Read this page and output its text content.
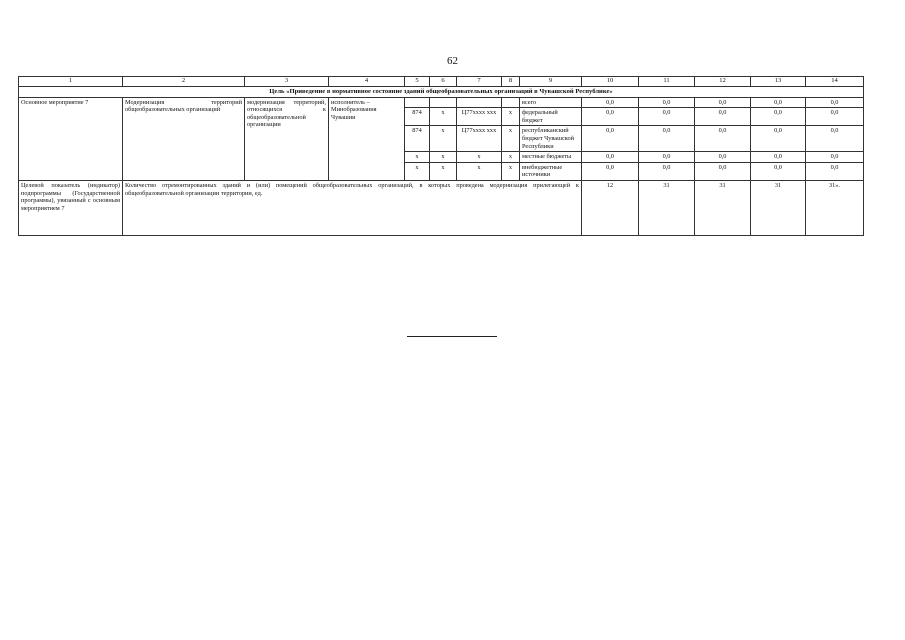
62
1	2	3	4	5	6	7	8	9	10	11	12	13	14
Цель «Приведение в нормативное состояние зданий общеобразовательных организаций в Чувашской Республике»													
Основное мероприятие 7	Модернизация территорий общеобразовательных организаций	модернизация территорий, относящихся к общеобразовательной организации	исполнитель – Минобразования Чувашии					всего	0,0	0,0	0,0	0,0	0,0
				874	х	Ц77хххх ххх	х	федеральный бюджет	0,0	0,0	0,0	0,0	0,0
				874	х	Ц77хххх ххх	х	республиканский бюджет Чувашской Республики	0,0	0,0	0,0	0,0	0,0
				х	х	х	х	местные бюджеты	0,0	0,0	0,0	0,0	0,0
				х	х	х	х	внебюджетные источники	0,0	0,0	0,0	0,0	0,0
Целевой показатель (индикатор) подпрограммы (Государственной программы), увязанный с основным мероприятием 7	Количество отремонтированных зданий и (или) помещений общеобразовательных организаций, в которых проведена модернизация прилегающей к общеобразовательной организации территории, ед.								12	31	31	31	31».
